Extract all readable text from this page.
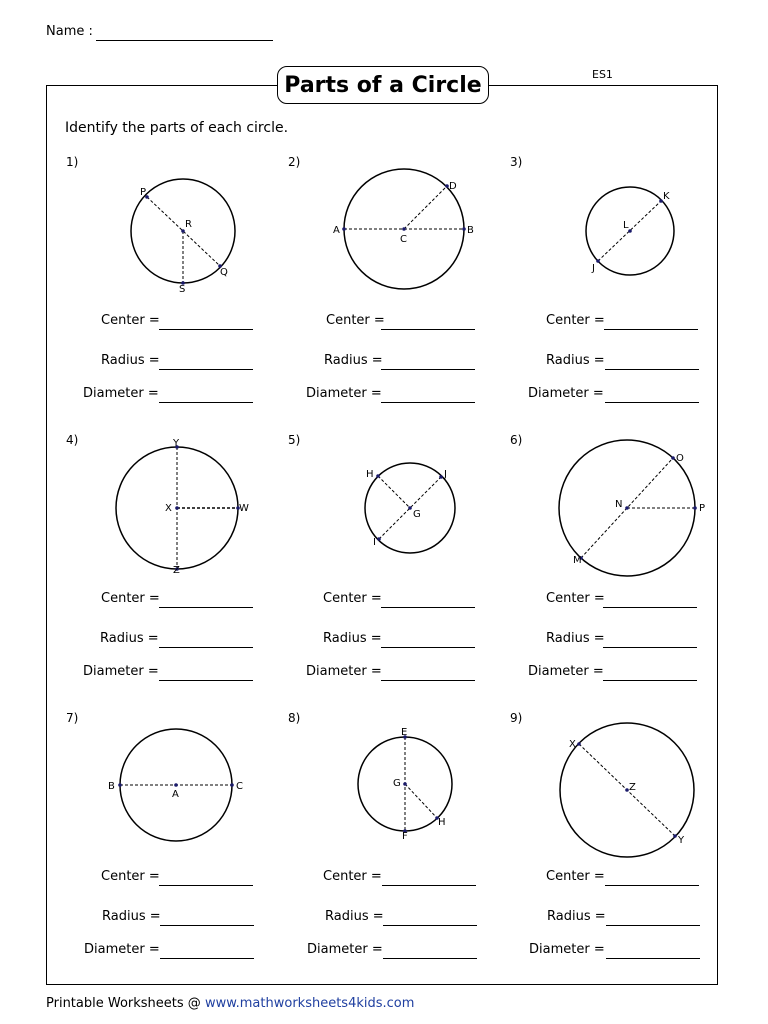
Name :
ES1
Parts of a Circle
Identify the parts of each circle.
1)
P
R
Q
S
Center =
Radius =
Diameter =
2)
A
C
B
D
Center =
Radius =
Diameter =
3)
J
L
K
Center =
Radius =
Diameter =
4)	Y
X
Z
W
Center =
Radius =
Diameter =
5)
H	J
G
I
Center =
Radius =
Diameter =
6)
O
N	P
M
Center =
Radius =
Diameter =
7)
B
A
C
Center =
Radius =
Diameter =
8)
E
G
F
H
Center =
Radius =
Diameter =
9)
X
Z
Y
Center =
Radius =
Diameter =
Printable Worksheets @ www.mathworksheets4kids.com
